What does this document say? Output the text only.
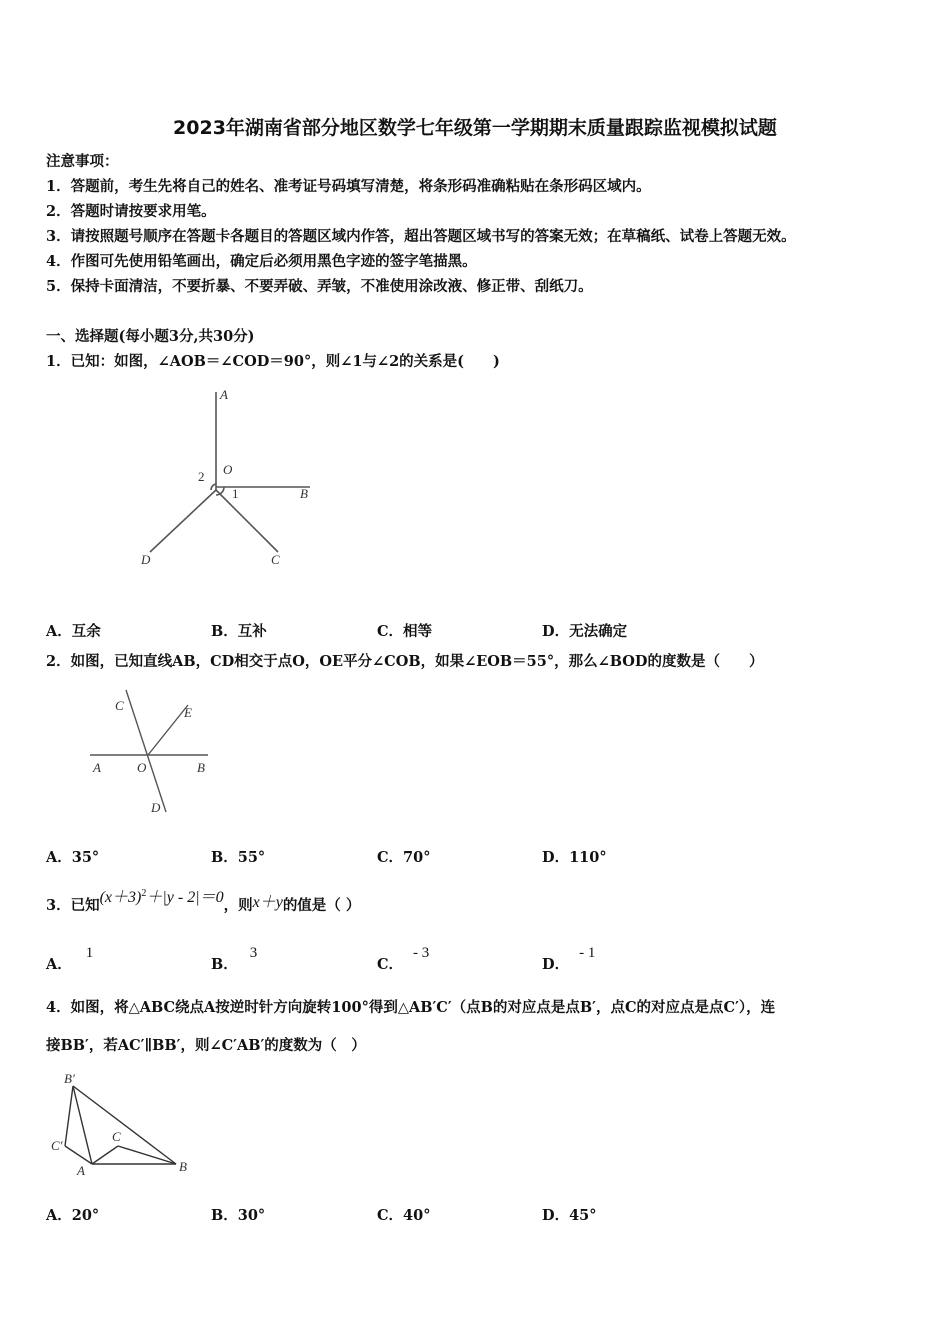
2023年湖南省部分地区数学七年级第一学期期末质量跟踪监视模拟试题
注意事项：
1．答题前，考生先将自己的姓名、准考证号码填写清楚，将条形码准确粘贴在条形码区域内。
2．答题时请按要求用笔。
3．请按照题号顺序在答题卡各题目的答题区域内作答，超出答题区域书写的答案无效；在草稿纸、试卷上答题无效。
4．作图可先使用铅笔画出，确定后必须用黑色字迹的签字笔描黑。
5．保持卡面清洁，不要折暴、不要弄破、弄皱，不准使用涂改液、修正带、刮纸刀。
一、选择题(每小题3分,共30分)
1．已知：如图，∠AOB＝∠COD＝90°，则∠1与∠2的关系是(　　)
A
O
B
D	C
1
2
A．互余	B．互补	C．相等	D．无法确定
2．如图，已知直线AB，CD相交于点O，OE平分∠COB，如果∠EOB＝55°，那么∠BOD的度数是（　　）
C	E
A	O	B
D
A．35°	B．55°	C．70°	D．110°
3．已知$(x+3)^2+|y - 2|=0$，则x＋y的值是（ ）
A．1
B．3
C．- 3
D．- 1
4．如图，将△ABC绕点A按逆时针方向旋转100°得到△AB′C′（点B的对应点是点B′，点C的对应点是点C′），连
接BB′，若AC′∥BB′，则∠C′AB′的度数为（　）
B′
C′
A
C
B
A．20°	B．30°	C．40°	D．45°
